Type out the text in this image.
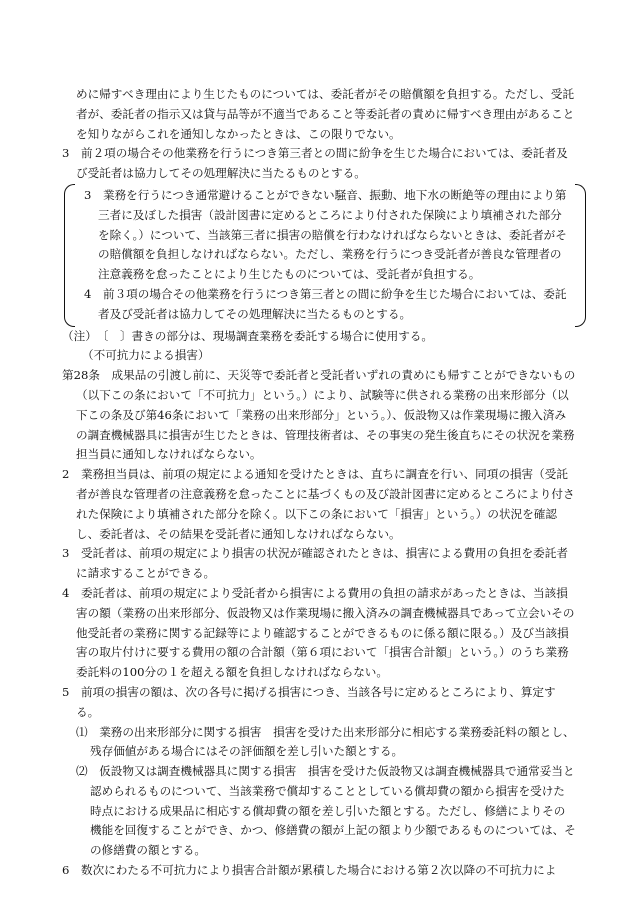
めに帰すべき理由により生じたものについては、委託者がその賠償額を負担する。ただし、受託者が、委託者の指示又は貸与品等が不適当であること等委託者の責めに帰すべき理由があることを知りながらこれを通知しなかったときは、この限りでない。

3　前２項の場合その他業務を行うにつき第三者との間に紛争を生じた場合においては、委託者及び受託者は協力してその処理解決に当たるものとする。

3　業務を行うにつき通常避けることができない騒音、振動、地下水の断絶等の理由により第三者に及ぼした損害（設計図書に定めるところにより付された保険により填補された部分を除く。）について、当該第三者に損害の賠償を行わなければならないときは、委託者がその賠償額を負担しなければならない。ただし、業務を行うにつき受託者が善良な管理者の注意義務を怠ったことにより生じたものについては、受託者が負担する。

4　前３項の場合その他業務を行うにつき第三者との間に紛争を生じた場合においては、委託者及び受託者は協力してその処理解決に当たるものとする。

（注）　〔　〕書きの部分は、現場調査業務を委託する場合に使用する。

（不可抗力による損害）

第28条　成果品の引渡し前に、天災等で委託者と受託者いずれの責めにも帰すことができないもの（以下この条において「不可抗力」という。）により、試験等に供される業務の出来形部分（以下この条及び第46条において「業務の出来形部分」という。）、仮設物又は作業現場に搬入済みの調査機械器具に損害が生じたときは、管理技術者は、その事実の発生後直ちにその状況を業務担当員に通知しなければならない。

2　業務担当員は、前項の規定による通知を受けたときは、直ちに調査を行い、同項の損害（受託者が善良な管理者の注意義務を怠ったことに基づくもの及び設計図書に定めるところにより付された保険により填補された部分を除く。以下この条において「損害」という。）の状況を確認し、委託者は、その結果を受託者に通知しなければならない。

3　受託者は、前項の規定により損害の状況が確認されたときは、損害による費用の負担を委託者に請求することができる。

4　委託者は、前項の規定により受託者から損害による費用の負担の請求があったときは、当該損害の額（業務の出来形部分、仮設物又は作業現場に搬入済みの調査機械器具であって立会いその他受託者の業務に関する記録等により確認することができるものに係る額に限る。）及び当該損害の取片付けに要する費用の額の合計額（第６項において「損害合計額」という。）のうち業務委託料の100分の１を超える額を負担しなければならない。

5　前項の損害の額は、次の各号に掲げる損害につき、当該各号に定めるところにより、算定する。

⑴　業務の出来形部分に関する損害　損害を受けた出来形部分に相応する業務委託料の額とし、残存価値がある場合にはその評価額を差し引いた額とする。

⑵　仮設物又は調査機械器具に関する損害　損害を受けた仮設物又は調査機械器具で通常妥当と認められるものについて、当該業務で償却することとしている償却費の額から損害を受けた時点における成果品に相応する償却費の額を差し引いた額とする。ただし、修繕によりその機能を回復することができ、かつ、修繕費の額が上記の額より少額であるものについては、その修繕費の額とする。

6　数次にわたる不可抗力により損害合計額が累積した場合における第２次以降の不可抗力によ
